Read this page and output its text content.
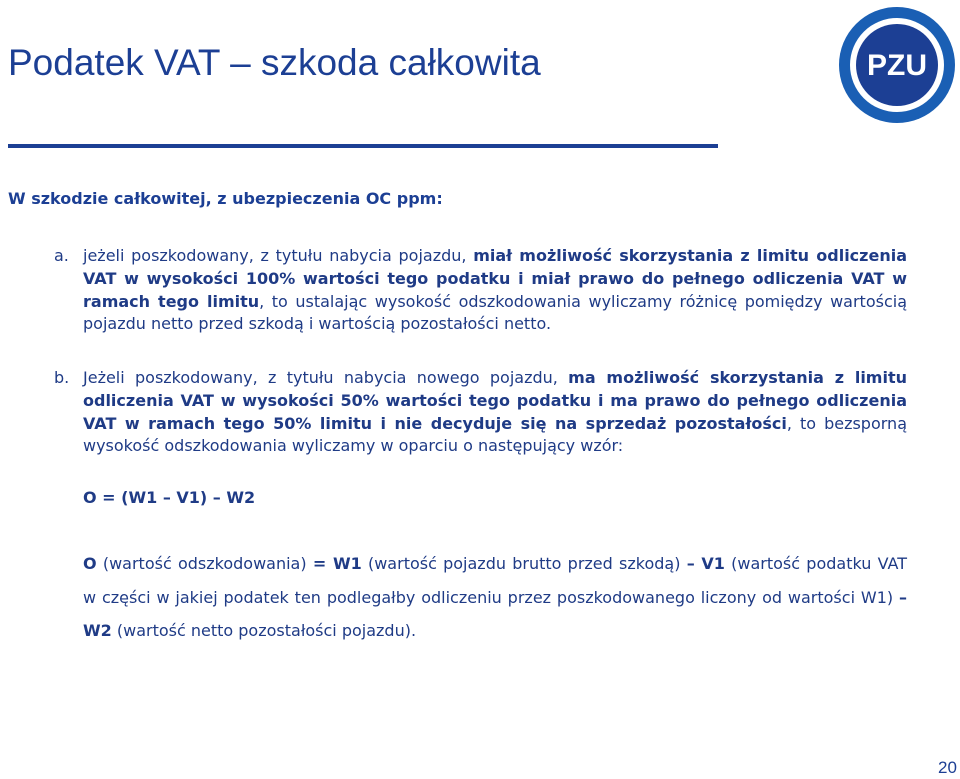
Podatek VAT – szkoda całkowita	PZU
W szkodzie całkowitej, z ubezpieczenia OC ppm:
a. jeżeli poszkodowany, z tytułu nabycia pojazdu, miał możliwość skorzystania z limitu odliczenia VAT w wysokości 100% wartości tego podatku i miał prawo do pełnego odliczenia VAT w ramach tego limitu, to ustalając wysokość odszkodowania wyliczamy różnicę pomiędzy wartością pojazdu netto przed szkodą i wartością pozostałości netto.
b. Jeżeli poszkodowany, z tytułu nabycia nowego pojazdu, ma możliwość skorzystania z limitu odliczenia VAT w wysokości 50% wartości tego podatku i ma prawo do pełnego odliczenia VAT w ramach tego 50% limitu i nie decyduje się na sprzedaż pozostałości, to bezsporną wysokość odszkodowania wyliczamy w oparciu o następujący wzór:
O = (W1 – V1) – W2
O (wartość odszkodowania) = W1 (wartość pojazdu brutto przed szkodą) – V1 (wartość podatku VAT w części w jakiej podatek ten podlegałby odliczeniu przez poszkodowanego liczony od wartości W1) – W2 (wartość netto pozostałości pojazdu).
20
